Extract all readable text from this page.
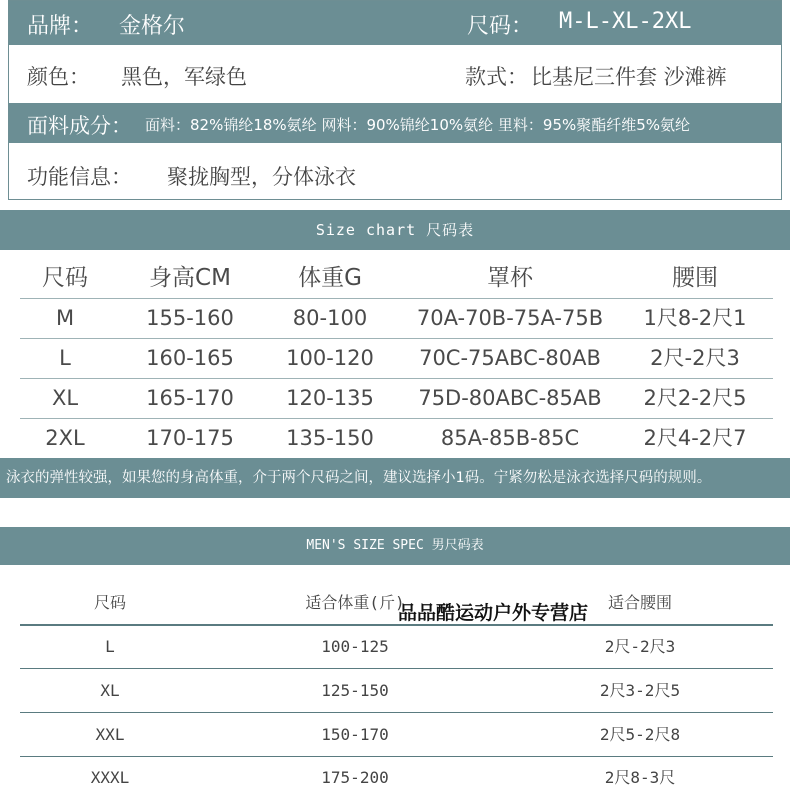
品牌： 金格尔	尺码： M-L-XL-2XL
颜色： 黑色，军绿色	款式： 比基尼三件套 沙滩裤
面料成分： 面料：82%锦纶18%氨纶 网料：90%锦纶10%氨纶 里料：95%聚酯纤维5%氨纶
功能信息： 聚拢胸型，分体泳衣
Size chart 尺码表
尺码	身高CM	体重G	罩杯	腰围
M	155-160	80-100	70A-70B-75A-75B	1尺8-2尺1
L	160-165	100-120	70C-75ABC-80AB	2尺-2尺3
XL	165-170	120-135	75D-80ABC-85AB	2尺2-2尺5
2XL	170-175	135-150	85A-85B-85C	2尺4-2尺7
泳衣的弹性较强，如果您的身高体重，介于两个尺码之间，建议选择小1码。宁紧勿松是泳衣选择尺码的规则。
MEN'S SIZE SPEC 男尺码表
尺码	适合体重(斤)	适合腰围
L	100-125	2尺-2尺3
XL	125-150	2尺3-2尺5
XXL	150-170	2尺5-2尺8
XXXL	175-200	2尺8-3尺
品品酷运动户外专营店
